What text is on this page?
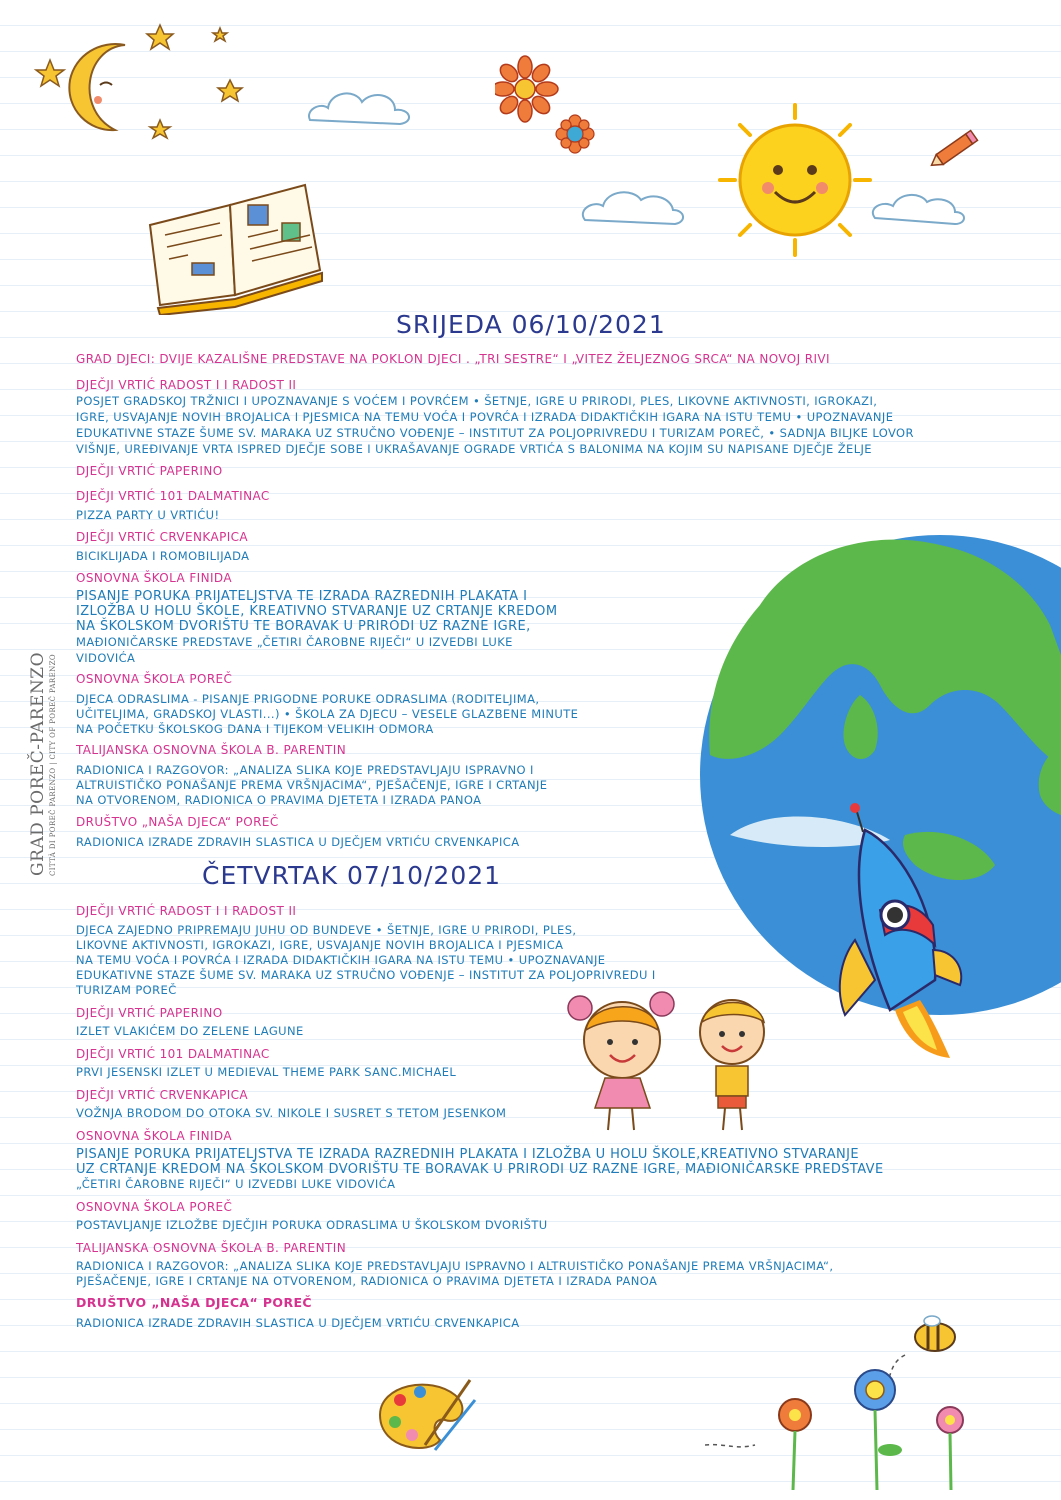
GRAD POREČ-PARENZO CITTÀ DI POREČ PARENZO | CITY OF POREČ PARENZO
SRIJEDA 06/10/2021

GRAD DJECI: DVIJE KAZALIŠNE PREDSTAVE NA POKLON DJECI . „TRI SESTRE“ I „VITEZ ŽELJEZNOG SRCA“ NA NOVOJ RIVI

DJEČJI VRTIĆ RADOST I I RADOST II

POSJET GRADSKOJ TRŽNICI I UPOZNAVANJE S VOĆEM I POVRĆEM • ŠETNJE, IGRE U PRIRODI, PLES, LIKOVNE AKTIVNOSTI, IGROKAZI,

IGRE, USVAJANJE NOVIH BROJALICA I PJESMICA NA TEMU VOĆA I POVRĆA I IZRADA DIDAKTIČKIH IGARA NA ISTU TEMU • UPOZNAVANJE

EDUKATIVNE STAZE ŠUME SV. MARAKA UZ STRUČNO VOĐENJE – INSTITUT ZA POLJOPRIVREDU I TURIZAM POREČ, • SADNJA BILJKE LOVOR

VIŠNJE, UREĐIVANJE VRTA ISPRED DJEČJE SOBE I UKRAŠAVANJE OGRADE VRTIĆA S BALONIMA NA KOJIM SU NAPISANE DJEČJE ŽELJE

DJEČJI VRTIĆ PAPERINO

DJEČJI VRTIĆ 101 DALMATINAC

PIZZA PARTY U VRTIĆU!

DJEČJI VRTIĆ CRVENKAPICA

BICIKLIJADA I ROMOBILIJADA

OSNOVNA ŠKOLA FINIDA

PISANJE PORUKA PRIJATELJSTVA TE IZRADA RAZREDNIH PLAKATA I

IZLOŽBA U HOLU ŠKOLE, KREATIVNO STVARANJE UZ CRTANJE KREDOM

NA ŠKOLSKOM DVORIŠTU TE BORAVAK U PRIRODI UZ RAZNE IGRE,

MAĐIONIČARSKE PREDSTAVE „ČETIRI ČAROBNE RIJEČI“ U IZVEDBI LUKE

VIDOVIĆA

OSNOVNA ŠKOLA POREČ

DJECA ODRASLIMA - PISANJE PRIGODNE PORUKE ODRASLIMA (RODITELJIMA,

UČITELJIMA, GRADSKOJ VLASTI...) • ŠKOLA ZA DJECU – VESELE GLAZBENE MINUTE

NA POČETKU ŠKOLSKOG DANA I TIJEKOM VELIKIH ODMORA

TALIJANSKA OSNOVNA ŠKOLA B. PARENTIN

RADIONICA I RAZGOVOR: „ANALIZA SLIKA KOJE PREDSTAVLJAJU ISPRAVNO I

ALTRUISTIČKO PONAŠANJE PREMA VRŠNJACIMA“, PJEŠAČENJE, IGRE I CRTANJE

NA OTVORENOM, RADIONICA O PRAVIMA DJETETA I IZRADA PANOA

DRUŠTVO „NAŠA DJECA“ POREČ

RADIONICA IZRADE ZDRAVIH SLASTICA U DJEČJEM VRTIĆU CRVENKAPICA

ČETVRTAK 07/10/2021

DJEČJI VRTIĆ RADOST I I RADOST II

DJECA ZAJEDNO PRIPREMAJU JUHU OD BUNDEVE • ŠETNJE, IGRE U PRIRODI, PLES,

LIKOVNE AKTIVNOSTI, IGROKAZI, IGRE, USVAJANJE NOVIH BROJALICA I PJESMICA

NA TEMU VOĆA I POVRĆA I IZRADA DIDAKTIČKIH IGARA NA ISTU TEMU • UPOZNAVANJE

EDUKATIVNE STAZE ŠUME SV. MARAKA UZ STRUČNO VOĐENJE – INSTITUT ZA POLJOPRIVREDU I

TURIZAM POREČ

DJEČJI VRTIĆ PAPERINO

IZLET VLAKIĆEM DO ZELENE LAGUNE

DJEČJI VRTIĆ 101 DALMATINAC

PRVI JESENSKI IZLET U MEDIEVAL THEME PARK SANC.MICHAEL

DJEČJI VRTIĆ CRVENKAPICA

VOŽNJA BRODOM DO OTOKA SV. NIKOLE I SUSRET S TETOM JESENKOM

OSNOVNA ŠKOLA FINIDA

PISANJE PORUKA PRIJATELJSTVA TE IZRADA RAZREDNIH PLAKATA I IZLOŽBA U HOLU ŠKOLE,KREATIVNO STVARANJE

UZ CRTANJE KREDOM NA ŠKOLSKOM DVORIŠTU TE BORAVAK U PRIRODI UZ RAZNE IGRE, MAĐIONIČARSKE PREDSTAVE

„ČETIRI ČAROBNE RIJEČI“ U IZVEDBI LUKE VIDOVIĆA

OSNOVNA ŠKOLA POREČ

POSTAVLJANJE IZLOŽBE DJEČJIH PORUKA ODRASLIMA U ŠKOLSKOM DVORIŠTU

TALIJANSKA OSNOVNA ŠKOLA B. PARENTIN

RADIONICA I RAZGOVOR: „ANALIZA SLIKA KOJE PREDSTAVLJAJU ISPRAVNO I ALTRUISTIČKO PONAŠANJE PREMA VRŠNJACIMA“,

PJEŠAČENJE, IGRE I CRTANJE NA OTVORENOM, RADIONICA O PRAVIMA DJETETA I IZRADA PANOA

DRUŠTVO „NAŠA DJECA“ POREČ

RADIONICA IZRADE ZDRAVIH SLASTICA U DJEČJEM VRTIĆU CRVENKAPICA
